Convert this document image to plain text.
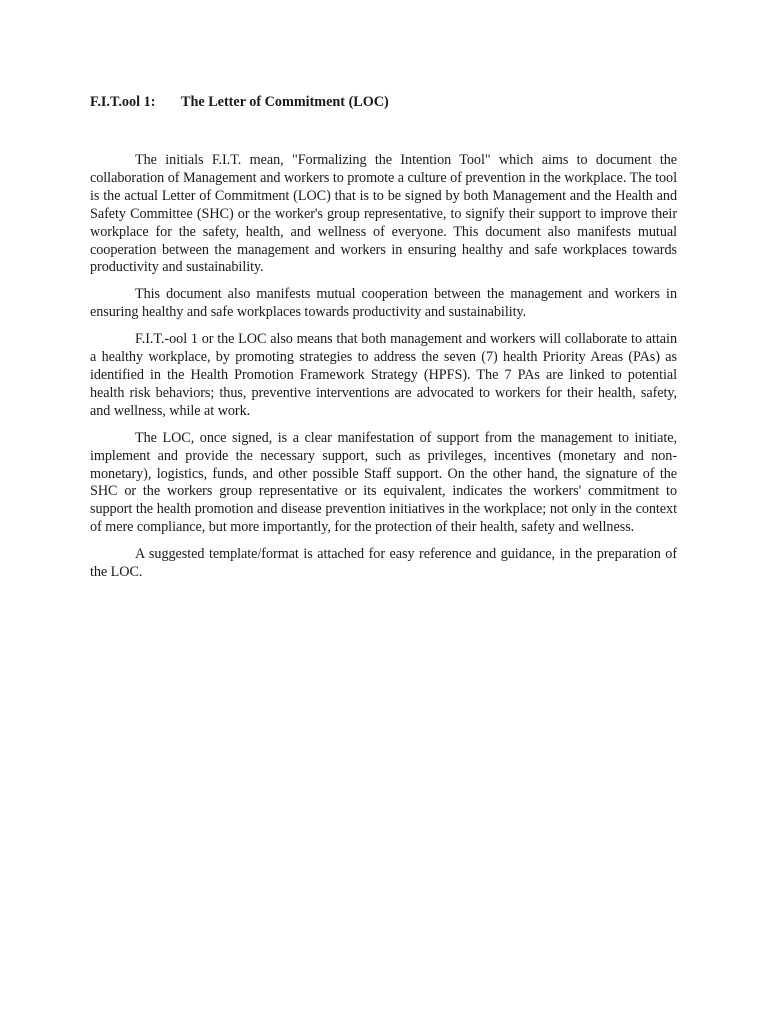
F.I.T.ool 1:	The Letter of Commitment (LOC)

The initials F.I.T. mean, "Formalizing the Intention Tool" which aims to document the collaboration of Management and workers to promote a culture of prevention in the workplace. The tool is the actual Letter of Commitment (LOC) that is to be signed by both Management and the Health and Safety Committee (SHC) or the worker's group representative, to signify their support to improve their workplace for the safety, health, and wellness of everyone. This document also manifests mutual cooperation between the management and workers in ensuring healthy and safe workplaces towards productivity and sustainability.

This document also manifests mutual cooperation between the management and workers in ensuring healthy and safe workplaces towards productivity and sustainability.

F.I.T.-ool 1 or the LOC also means that both management and workers will collaborate to attain a healthy workplace, by promoting strategies to address the seven (7) health Priority Areas (PAs) as identified in the Health Promotion Framework Strategy (HPFS). The 7 PAs are linked to potential health risk behaviors; thus, preventive interventions are advocated to workers for their health, safety, and wellness, while at work.

The LOC, once signed, is a clear manifestation of support from the management to initiate, implement and provide the necessary support, such as privileges, incentives (monetary and non-monetary), logistics, funds, and other possible Staff support. On the other hand, the signature of the SHC or the workers group representative or its equivalent, indicates the workers' commitment to support the health promotion and disease prevention initiatives in the workplace; not only in the context of mere compliance, but more importantly, for the protection of their health, safety and wellness.

A suggested template/format is attached for easy reference and guidance, in the preparation of the LOC.
